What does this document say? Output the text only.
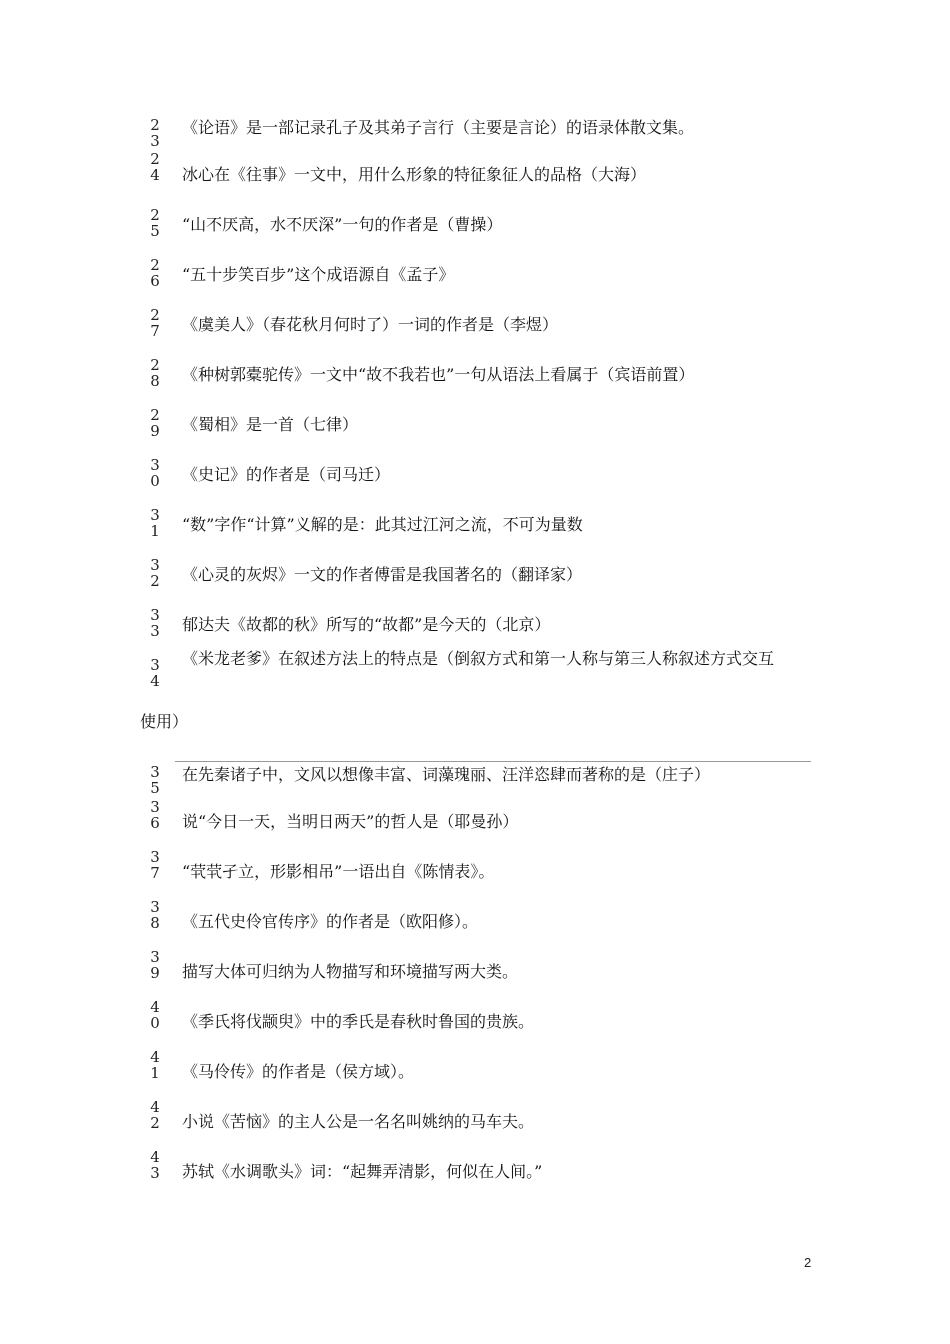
2
3
《论语》是一部记录孔子及其弟子言行（主要是言论）的语录体散文集。
2
4 冰心在《往事》一文中，用什么形象的特征象征人的品格（大海）
2
5 “山不厌高，水不厌深”一句的作者是（曹操）
2
6 “五十步笑百步”这个成语源自《孟子》
2
7 《虞美人》（春花秋月何时了）一词的作者是（李煜）
2
8 《种树郭橐驼传》一文中“故不我若也”一句从语法上看属于（宾语前置）
2
9 《蜀相》是一首（七律）
3
0 《史记》的作者是（司马迁）
3
1 “数”字作“计算”义解的是：此其过江河之流，不可为量数
3
2 《心灵的灰烬》一文的作者傅雷是我国著名的（翻译家）
3
3 郁达夫《故都的秋》所写的“故都”是今天的（北京）
3
4
《米龙老爹》在叙述方法上的特点是（倒叙方式和第一人称与第三人称叙述方式交互
使用）
3
5
在先秦诸子中，文风以想像丰富、词藻瑰丽、汪洋恣肆而著称的是（庄子）
3
6 说“今日一天，当明日两天”的哲人是（耶曼孙）
3
7 “茕茕孑立，形影相吊”一语出自《陈情表》。
3
8 《五代史伶官传序》的作者是（欧阳修）。
3
9 描写大体可归纳为人物描写和环境描写两大类。
4
0 《季氏将伐颛臾》中的季氏是春秋时鲁国的贵族。
4
1 《马伶传》的作者是（侯方域）。
4
2 小说《苦恼》的主人公是一名名叫姚纳的马车夫。
4
3 苏轼《水调歌头》词：“起舞弄清影，何似在人间。”
2
